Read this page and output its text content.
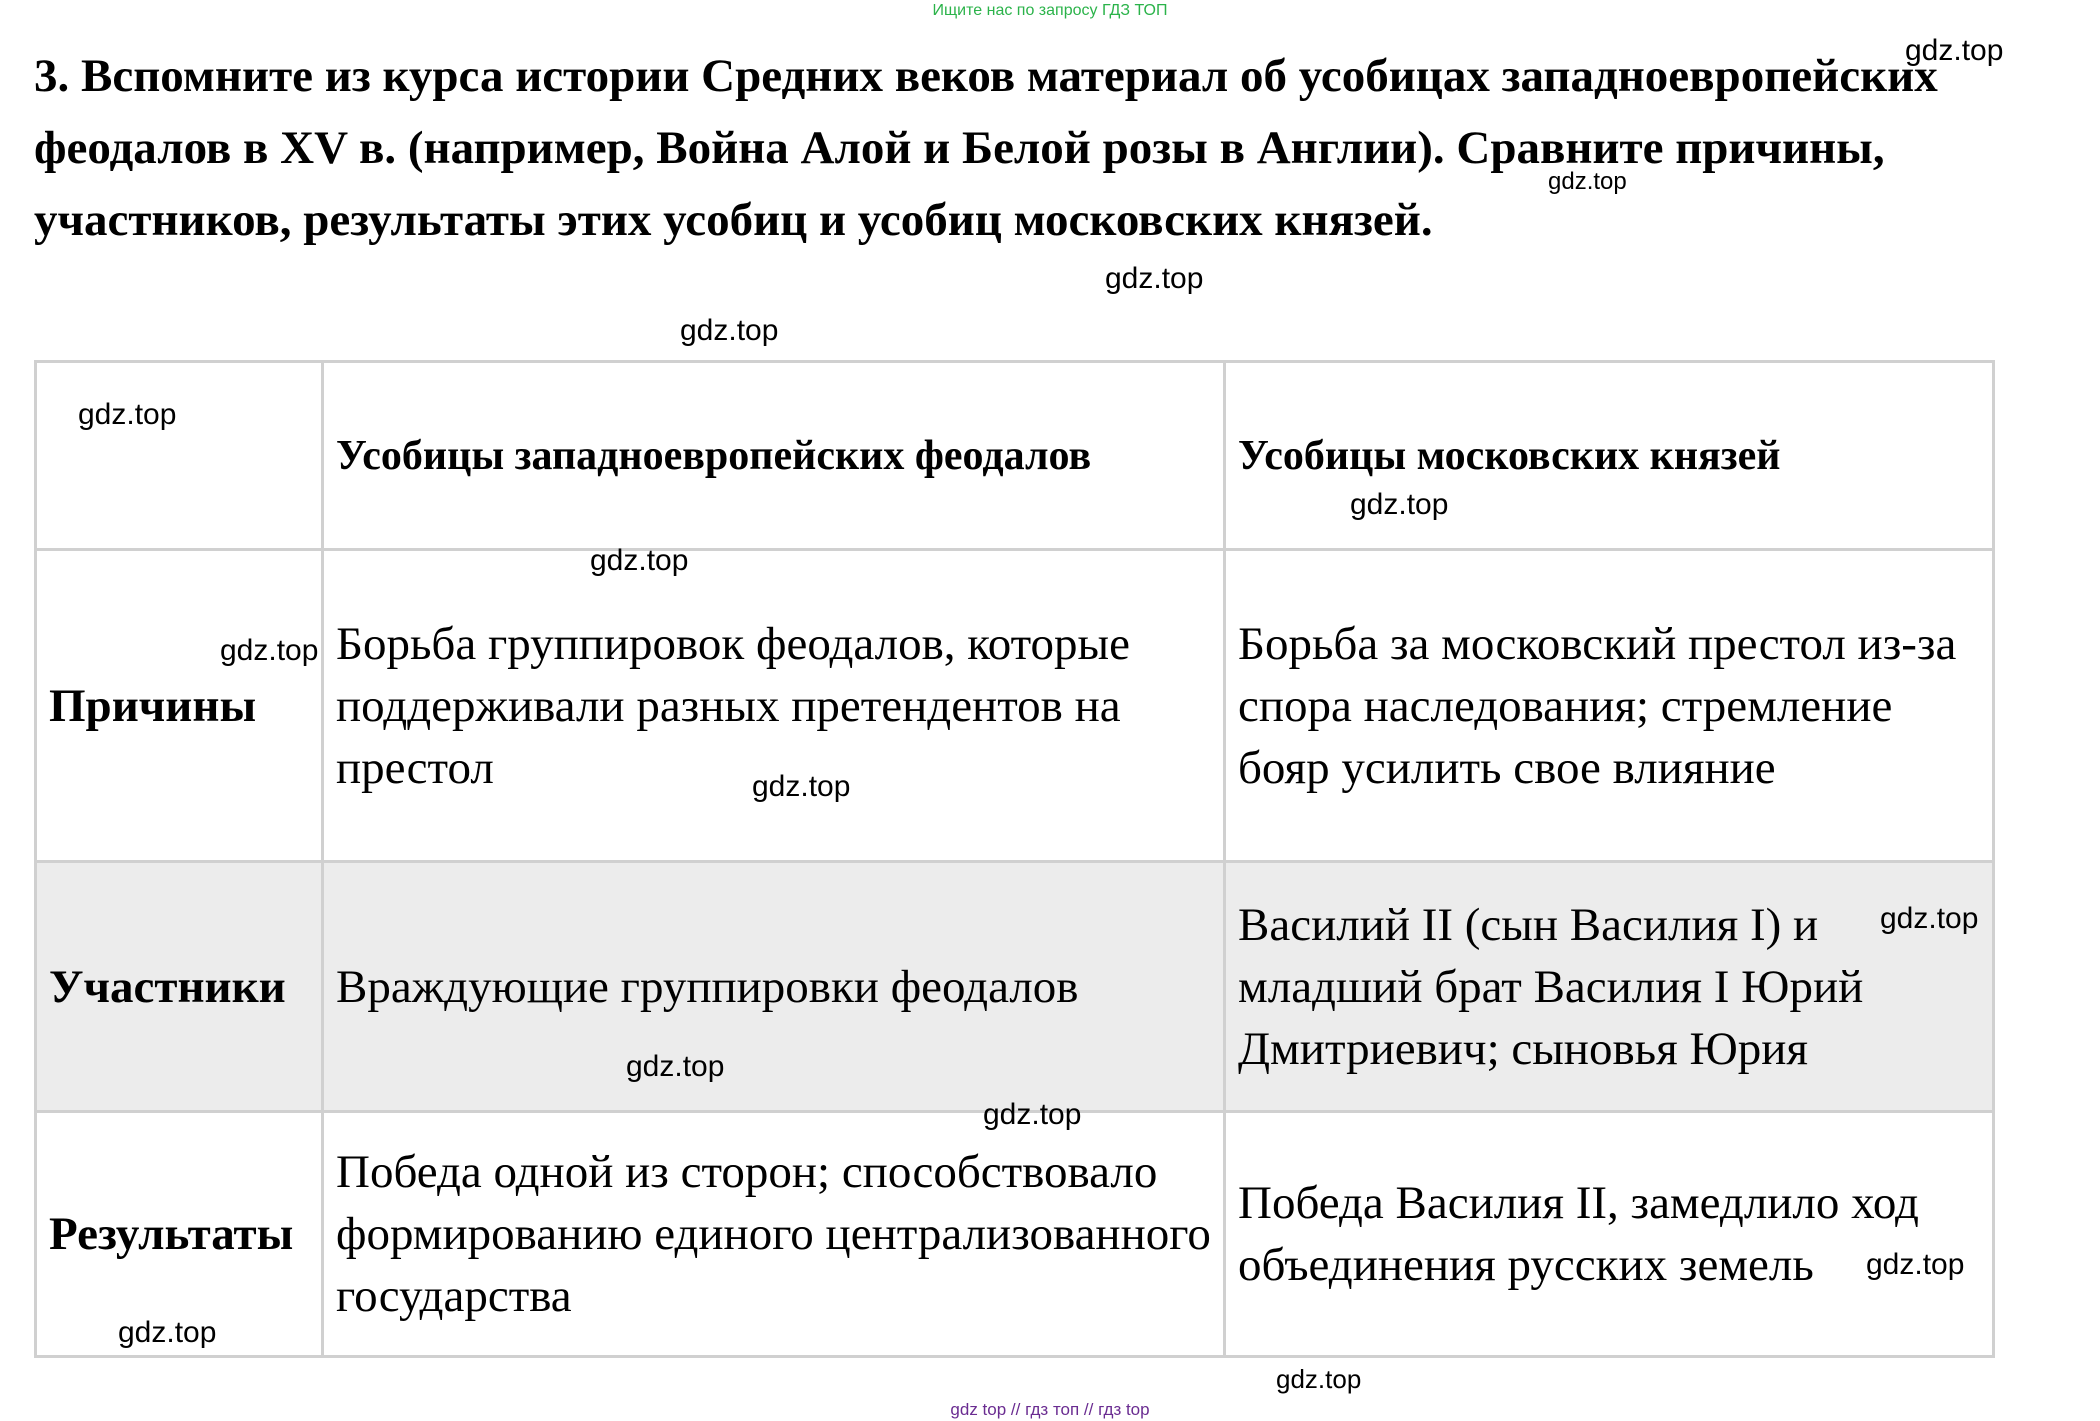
Ищите нас по запросу ГДЗ ТОП

3. Вспомните из курса истории Средних веков материал об усобицах западноевропейских феодалов в XV в. (например, Война Алой и Белой розы в Англии). Сравните причины, участников, результаты этих усобиц и усобиц московских князей.

	Усобицы западноевропейских феодалов	Усобицы московских князей
Причины	Борьба группировок феодалов, которые поддерживали разных претендентов на престол	Борьба за московский престол из-за спора наследования; стремление бояр усилить свое влияние
Участники	Враждующие группировки феодалов	Василий II (сын Василия I) и младший брат Василия I Юрий Дмитриевич; сыновья Юрия
Результаты	Победа одной из сторон; способствовало формированию единого централизованного государства	Победа Василия II, замедлило ход объединения русских земель
gdz.top
gdz.top
gdz.top
gdz.top
gdz.top
gdz.top
gdz.top
gdz.top
gdz.top
gdz.top
gdz.top
gdz.top
gdz.top
gdz.top
gdz.top
gdz top // гдз топ // гдз top
